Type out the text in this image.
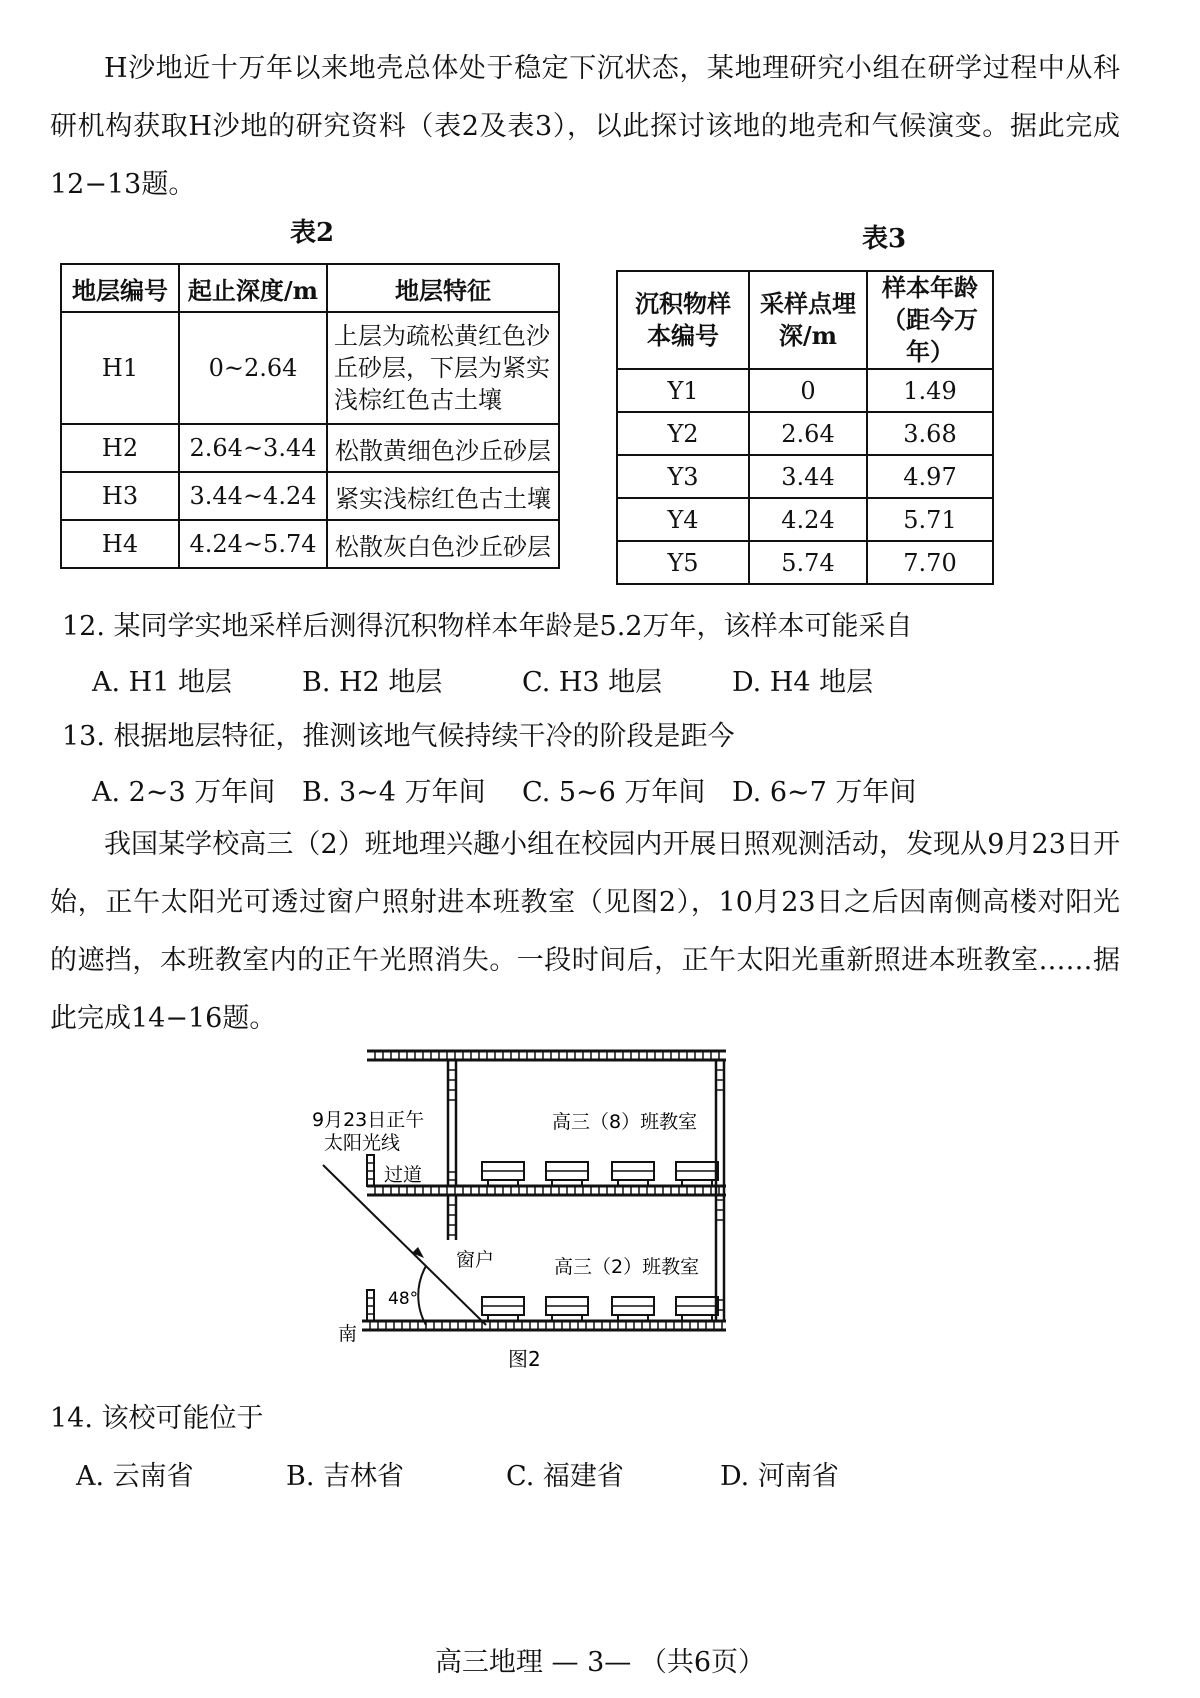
H沙地近十万年以来地壳总体处于稳定下沉状态，某地理研究小组在研学过程中从科研机构获取H沙地的研究资料（表2及表3），以此探讨该地的地壳和气候演变。据此完成12−13题。

表2
地层编号	起止深度/m	地层特征
H1	0~2.64	上层为疏松黄红色沙丘砂层，下层为紧实浅棕红色古土壤
H2	2.64~3.44	松散黄细色沙丘砂层
H3	3.44~4.24	紧实浅棕红色古土壤
H4	4.24~5.74	松散灰白色沙丘砂层
表3
沉积物样本编号	采样点埋深/m	样本年龄（距今万年）
Y1	0	1.49
Y2	2.64	3.68
Y3	3.44	4.97
Y4	4.24	5.71
Y5	5.74	7.70
12. 某同学实地采样后测得沉积物样本年龄是5.2万年，该样本可能采自
A. H1 地层	B. H2 地层	C. H3 地层	D. H4 地层
13. 根据地层特征，推测该地气候持续干冷的阶段是距今
A. 2~3 万年间 B. 3~4 万年间 C. 5~6 万年间 D. 6~7 万年间

我国某学校高三（2）班地理兴趣小组在校园内开展日照观测活动，发现从9月23日开始，正午太阳光可透过窗户照射进本班教室（见图2），10月23日之后因南侧高楼对阳光的遮挡，本班教室内的正午光照消失。一段时间后，正午太阳光重新照进本班教室……据此完成14−16题。

9月23日正午
太阳光线
高三（8）班教室
高三（2）班教室
过道
窗户
48°
南
图2
14. 该校可能位于
A. 云南省	B. 吉林省	C. 福建省	D. 河南省
高三地理 — 3— （共6页）
